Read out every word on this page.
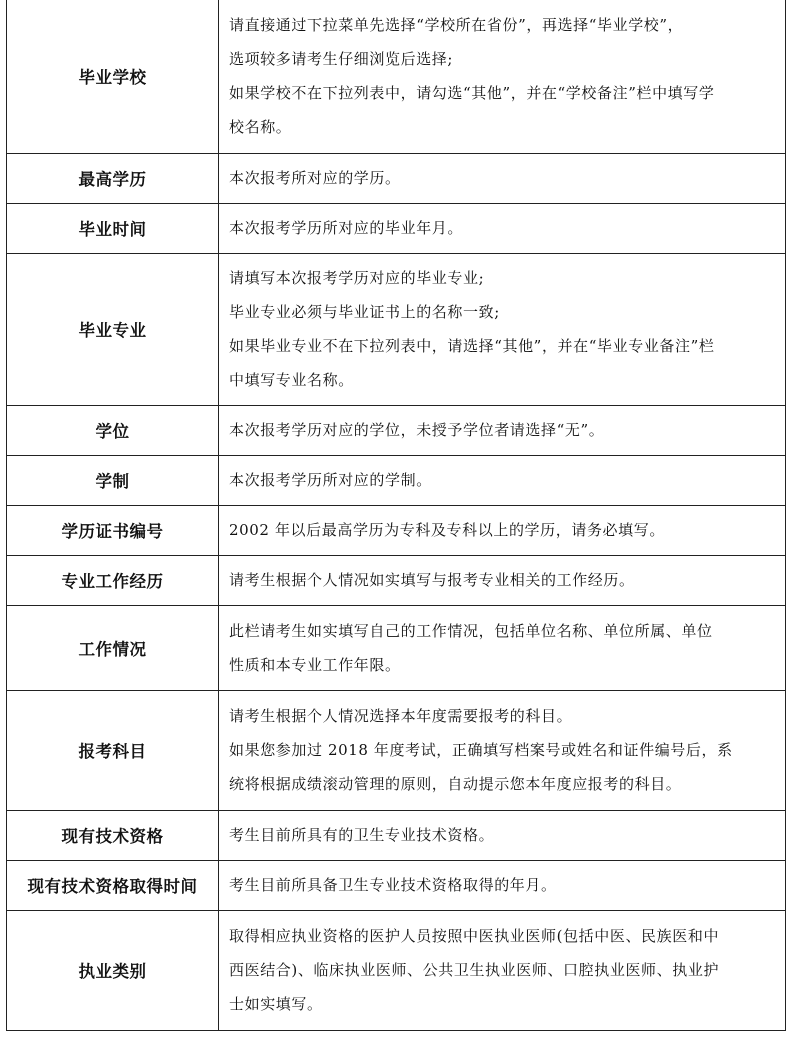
毕业学校	请直接通过下拉菜单先选择“学校所在省份”，再选择“毕业学校”，
选项较多请考生仔细浏览后选择;
如果学校不在下拉列表中，请勾选“其他”，并在“学校备注”栏中填写学
校名称。

最高学历	本次报考所对应的学历。

毕业时间	本次报考学历所对应的毕业年月。

毕业专业	请填写本次报考学历对应的毕业专业;
毕业专业必须与毕业证书上的名称一致;
如果毕业专业不在下拉列表中，请选择“其他”，并在“毕业专业备注”栏
中填写专业名称。

学位	本次报考学历对应的学位，未授予学位者请选择“无”。

学制	本次报考学历所对应的学制。

学历证书编号	2002 年以后最高学历为专科及专科以上的学历，请务必填写。

专业工作经历	请考生根据个人情况如实填写与报考专业相关的工作经历。

工作情况	此栏请考生如实填写自己的工作情况，包括单位名称、单位所属、单位
性质和本专业工作年限。

报考科目	请考生根据个人情况选择本年度需要报考的科目。
如果您参加过 2018 年度考试，正确填写档案号或姓名和证件编号后，系
统将根据成绩滚动管理的原则，自动提示您本年度应报考的科目。

现有技术资格	考生目前所具有的卫生专业技术资格。

现有技术资格取得时间	考生目前所具备卫生专业技术资格取得的年月。

执业类别	取得相应执业资格的医护人员按照中医执业医师(包括中医、民族医和中
西医结合)、临床执业医师、公共卫生执业医师、口腔执业医师、执业护
士如实填写。
